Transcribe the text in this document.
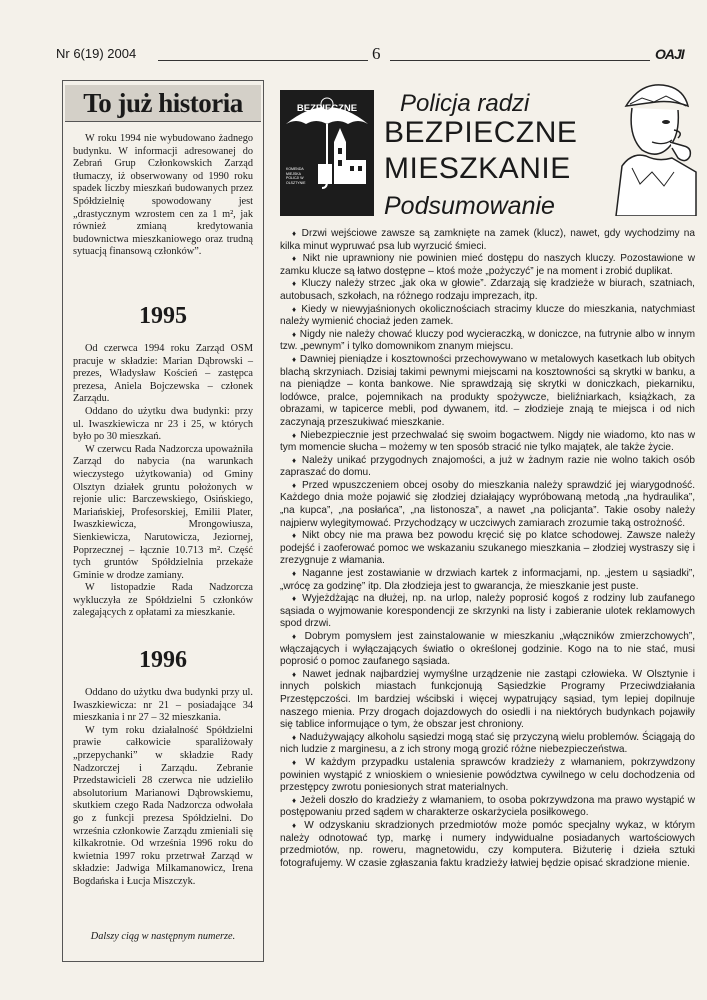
Nr 6(19) 2004	6	OAJI
To już historia

W roku 1994 nie wybudowano żadnego budynku. W informacji adresowanej do Zebrań Grup Członkowskich Zarząd tłumaczy, iż obserwowany od 1990 roku spadek liczby mieszkań budowanych przez Spółdzielnię spowodowany jest „drastycznym wzrostem cen za 1 m², jak również zmianą kredytowania budownictwa mieszkaniowego oraz trudną sytuacją finansową członków”.

1995

Od czerwca 1994 roku Zarząd OSM pracuje w składzie: Marian Dąbrowski – prezes, Władysław Koścień – zastępca prezesa, Aniela Bojczewska – członek Zarządu.

Oddano do użytku dwa budynki: przy ul. Iwaszkiewicza nr 23 i 25, w których było po 30 mieszkań.

W czerwcu Rada Nadzorcza upoważniła Zarząd do nabycia (na warunkach wieczystego użytkowania) od Gminy Olsztyn działek gruntu położonych w rejonie ulic: Barczewskiego, Osińskiego, Mariańskiej, Profesorskiej, Emilii Plater, Iwaszkiewicza, Mrongowiusza, Sienkiewicza, Narutowicza, Jeziornej, Poprzecznej – łącznie 10.713 m². Część tych gruntów Spółdzielnia przekaże Gminie w drodze zamiany.

W listopadzie Rada Nadzorcza wykluczyła ze Spółdzielni 5 członków zalegających z opłatami za mieszkanie.

1996

Oddano do użytku dwa budynki przy ul. Iwaszkiewicza: nr 21 – posiadające 34 mieszkania i nr 27 – 32 mieszkania.

W tym roku działalność Spółdzielni prawie całkowicie sparaliżowały „przepychanki” w składzie Rady Nadzorczej i Zarządu. Zebranie Przedstawicieli 28 czerwca nie udzieliło absolutorium Marianowi Dąbrowskiemu, skutkiem czego Rada Nadzorcza odwołała go z funkcji prezesa Spółdzielni. Do września członkowie Zarządu zmieniali się kilkakrotnie. Od września 1996 roku do kwietnia 1997 roku przetrwał Zarząd w składzie: Jadwiga Milkamanowicz, Irena Bogdańska i Łucja Miszczyk.

Dalszy ciąg w następnym numerze.
KOMENDA MIEJSKA POLICJI W OLSZTYNIE
BEZPIECZNE MIASTO
Policja radzi
BEZPIECZNE
MIESZKANIE
Podsumowanie

♦ Drzwi wejściowe zawsze są zamknięte na zamek (klucz), nawet, gdy wychodzimy na kilka minut wypruwać psa lub wyrzucić śmieci.

♦ Nikt nie uprawniony nie powinien mieć dostępu do naszych kluczy. Pozostawione w zamku klucze są łatwo dostępne – ktoś może „pożyczyć” je na moment i zrobić duplikat.

♦ Kluczy należy strzec „jak oka w głowie”. Zdarzają się kradzieże w biurach, szatniach, autobusach, szkołach, na różnego rodzaju imprezach, itp.

♦ Kiedy w niewyjaśnionych okolicznościach stracimy klucze do mieszkania, natychmiast należy wymienić chociaż jeden zamek.

♦ Nigdy nie należy chować kluczy pod wycieraczką, w doniczce, na futrynie albo w innym tzw. „pewnym” i tylko domownikom znanym miejscu.

♦ Dawniej pieniądze i kosztowności przechowywano w metalowych kasetkach lub obitych blachą skrzyniach. Dzisiaj takimi pewnymi miejscami na kosztowności są skrytki w banku, a na pieniądze – konta bankowe. Nie sprawdzają się skrytki w doniczkach, piekarniku, lodówce, pralce, pojemnikach na produkty spożywcze, bieliźniarkach, książkach, za obrazami, w tapicerce mebli, pod dywanem, itd. – złodzieje znają te miejsca i od nich zaczynają przeszukiwać mieszkanie.

♦ Niebezpiecznie jest przechwalać się swoim bogactwem. Nigdy nie wiadomo, kto nas w tym momencie słucha – możemy w ten sposób stracić nie tylko majątek, ale także życie.

♦ Należy unikać przygodnych znajomości, a już w żadnym razie nie wolno takich osób zapraszać do domu.

♦ Przed wpuszczeniem obcej osoby do mieszkania należy sprawdzić jej wiarygodność. Każdego dnia może pojawić się złodziej działający wypróbowaną metodą „na hydraulika”, „na kupca”, „na posłańca”, „na listonosza”, a nawet „na policjanta”. Takie osoby należy najpierw wylegitymować. Przychodzący w uczciwych zamiarach zrozumie taką ostrożność.

♦ Nikt obcy nie ma prawa bez powodu kręcić się po klatce schodowej. Zawsze należy podejść i zaoferować pomoc we wskazaniu szukanego mieszkania – złodziej wystraszy się i zrezygnuje z włamania.

♦ Naganne jest zostawianie w drzwiach kartek z informacjami, np. „jestem u sąsiadki”, „wrócę za godzinę” itp. Dla złodzieja jest to gwarancja, że mieszkanie jest puste.

♦ Wyjeżdżając na dłużej, np. na urlop, należy poprosić kogoś z rodziny lub zaufanego sąsiada o wyjmowanie korespondencji ze skrzynki na listy i zabieranie ulotek reklamowych spod drzwi.

♦ Dobrym pomysłem jest zainstalowanie w mieszkaniu „włączników zmierzchowych”, włączających i wyłączających światło o określonej godzinie. Kogo na to nie stać, musi poprosić o pomoc zaufanego sąsiada.

♦ Nawet jednak najbardziej wymyślne urządzenie nie zastąpi człowieka. W Olsztynie i innych polskich miastach funkcjonują Sąsiedzkie Programy Przeciwdziałania Przestępczości. Im bardziej wścibski i więcej wypatrujący sąsiad, tym lepiej dopilnuje naszego mienia. Przy drogach dojazdowych do osiedli i na niektórych budynkach pojawiły się tablice informujące o tym, że obszar jest chroniony.

♦ Nadużywający alkoholu sąsiedzi mogą stać się przyczyną wielu problemów. Ściągają do nich ludzie z marginesu, a z ich strony mogą grozić różne niebezpieczeństwa.

♦ W każdym przypadku ustalenia sprawców kradzieży z włamaniem, pokrzywdzony powinien wystąpić z wnioskiem o wniesienie powództwa cywilnego w celu dochodzenia od przestępcy zwrotu poniesionych strat materialnych.

♦ Jeżeli doszło do kradzieży z włamaniem, to osoba pokrzywdzona ma prawo wystąpić w postępowaniu przed sądem w charakterze oskarżyciela posiłkowego.

♦ W odzyskaniu skradzionych przedmiotów może pomóc specjalny wykaz, w którym należy odnotować typ, markę i numery indywidualne posiadanych wartościowych przedmiotów, np. roweru, magnetowidu, czy komputera. Biżuterię i dzieła sztuki fotografujemy. W czasie zgłaszania faktu kradzieży łatwiej będzie opisać skradzione mienie.
